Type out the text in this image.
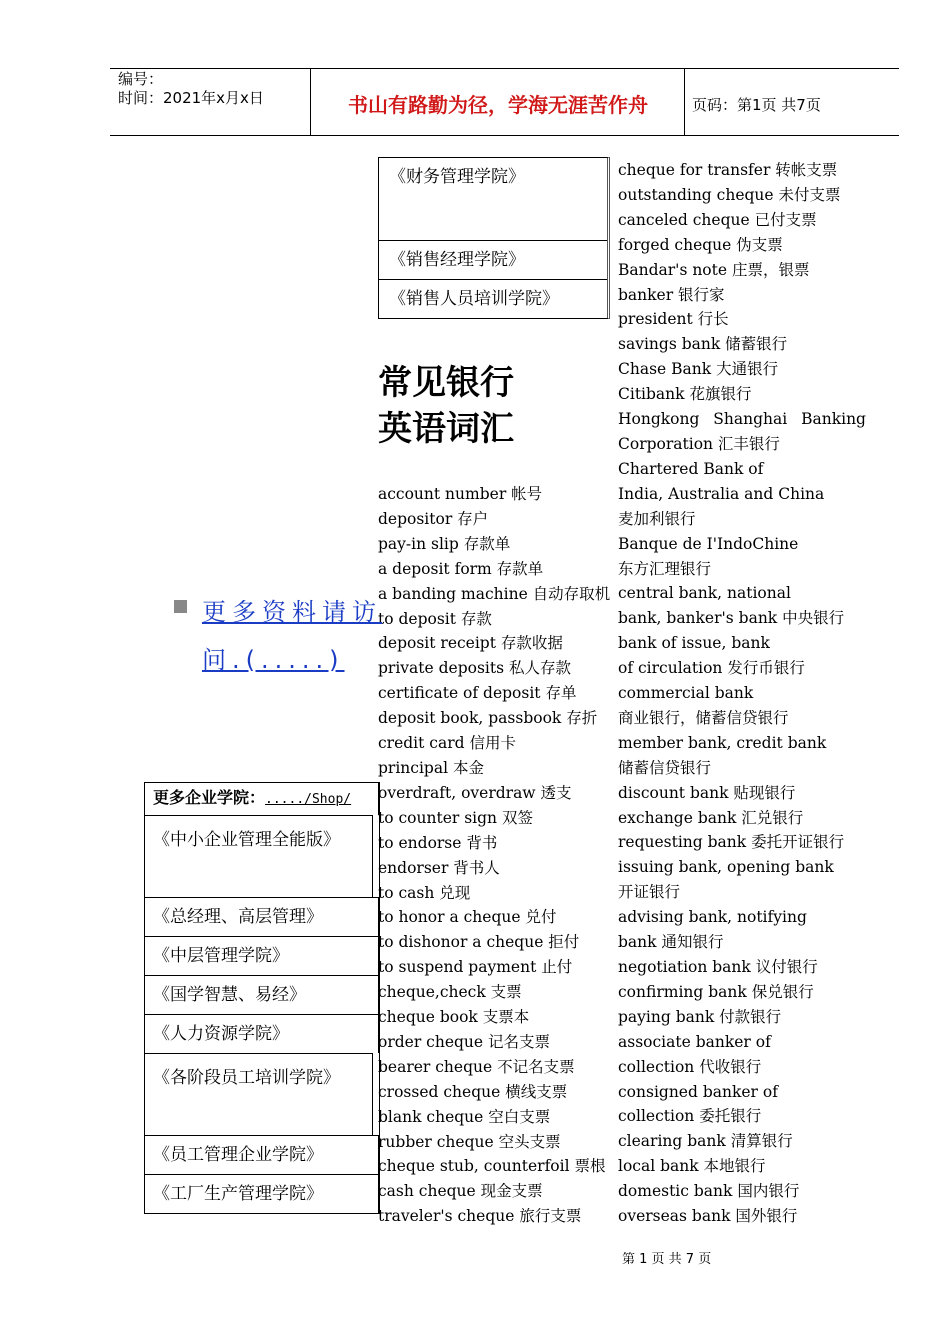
编号：
时间：2021年x月x日	书山有路勤为径，学海无涯苦作舟	页码：第1页 共7页
《财务管理学院》
《销售经理学院》
《销售人员培训学院》
常见银行
英语词汇
account number 帐号
depositor 存户
pay-in slip 存款单
a deposit form 存款单
a banding machine 自动存取机
to deposit 存款
deposit receipt 存款收据
private deposits 私人存款
certificate of deposit 存单
deposit book, passbook 存折
credit card 信用卡
principal 本金
overdraft, overdraw 透支
to counter sign 双签
to endorse 背书
endorser 背书人
to cash 兑现
to honor a cheque 兑付
to dishonor a cheque 拒付
to suspend payment 止付
cheque,check 支票
cheque book 支票本
order cheque 记名支票
bearer cheque 不记名支票
crossed cheque 横线支票
blank cheque 空白支票
rubber cheque 空头支票
cheque stub, counterfoil 票根
cash cheque 现金支票
traveler's cheque 旅行支票
cheque for transfer 转帐支票
outstanding cheque 未付支票
canceled cheque 已付支票
forged cheque 伪支票
Bandar's note 庄票，银票
banker 银行家
president 行长
savings bank 储蓄银行
Chase Bank 大通银行
Citibank 花旗银行
Hongkong Shanghai Banking
Corporation 汇丰银行
Chartered Bank of
India, Australia and China
麦加利银行
Banque de I'IndoChine
东方汇理银行
central bank, national
bank, banker's bank 中央银行
bank of issue, bank
of circulation 发行币银行
commercial bank
商业银行，储蓄信贷银行
member bank, credit bank
储蓄信贷银行
discount bank 贴现银行
exchange bank 汇兑银行
requesting bank 委托开证银行
issuing bank, opening bank
开证银行
advising bank, notifying
bank 通知银行
negotiation bank 议付银行
confirming bank 保兑银行
paying bank 付款银行
associate banker of
collection 代收银行
consigned banker of
collection 委托银行
clearing bank 清算银行
local bank 本地银行
domestic bank 国内银行
overseas bank 国外银行
更多资料请访问.(.....)
更多企业学院：...../Shop/
《中小企业管理全能版》
《总经理、高层管理》
《中层管理学院》
《国学智慧、易经》
《人力资源学院》
《各阶段员工培训学院》
《员工管理企业学院》
《工厂生产管理学院》
第 1 页 共 7 页
